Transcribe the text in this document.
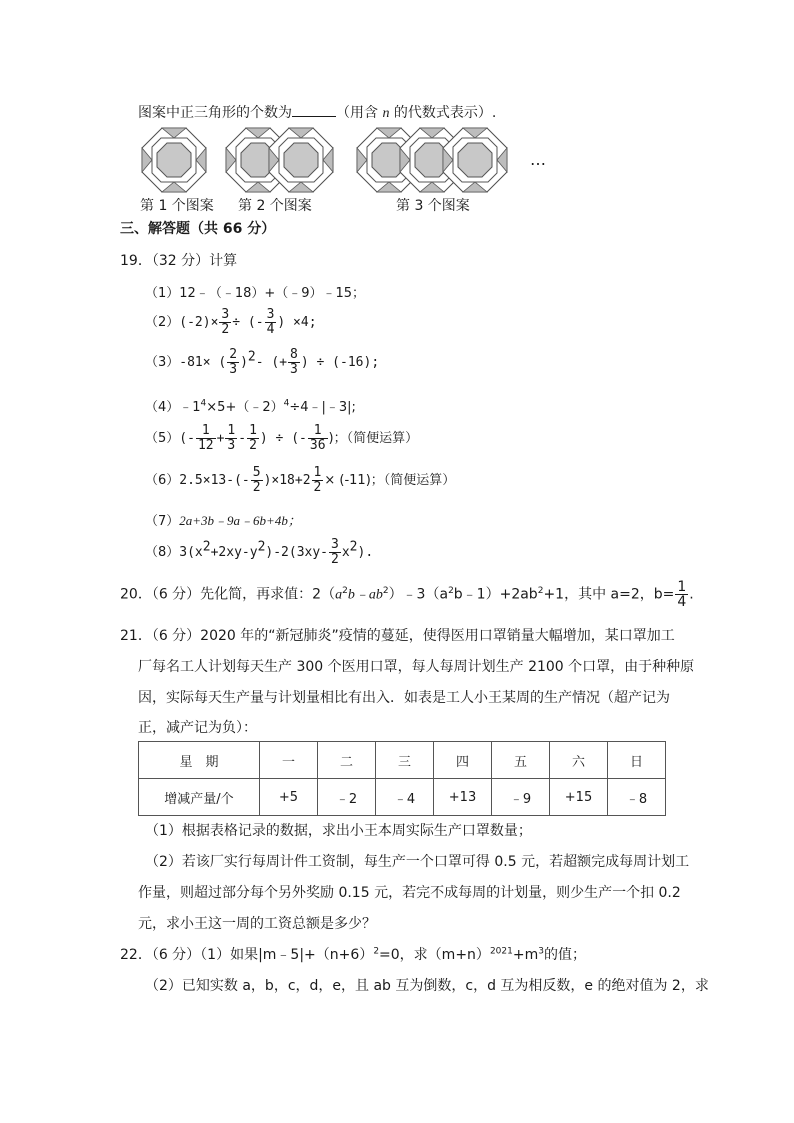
图案中正三角形的个数为	（用含 n 的代数式表示）.
…
第 1 个图案 第 2 个图案	第 3 个图案
三、解答题（共 66 分）
19．（32 分）计算
（1）12﹣（﹣18）+（﹣9）﹣15；
$(2)(-2)\times \frac{3}{2}$ ÷ (- $\frac{3}{4}$ ) ×4;
（3）-81× ( $\frac{2}{3} )^2-$ (+ $\frac{8}{3}$ ) ÷ (-16);
$(4)﹣1^4\times 5+(﹣2)^4\div 4﹣|﹣3|$;
$(5)(- \frac{1}{12} + \frac{1}{3} - \frac{1}{2}$ ) ÷ (- $\frac{1}{36}$ )；（简便运算）
$(6)2.5\times 13-(- \frac{5}{2} )\times 18+2 \frac{1}{2} \times (-11)$；（简便运算）
（7）2a+3b﹣9a﹣6b+4b；
$(8)3(x^2+2xy-y^2)-2(3xy- \frac{3}{2} x^2)$.
20．（6 分）先化简，再求值：$2(a^2b﹣ab^2)﹣3(a^2b﹣1)+2ab^2+1$，其中 a=2，$b= \frac{1}{4}$ .
21．（6 分）2020 年的“新冠肺炎”疫情的蔓延，使得医用口罩销量大幅增加，某口罩加工
厂每名工人计划每天生产 300 个医用口罩，每人每周计划生产 2100 个口罩，由于种种原
因，实际每天生产量与计划量相比有出入．如表是工人小王某周的生产情况（超产记为
正，减产记为负）：
星　期	一	二	三	四	五	六	日
增减产量/个	+5	﹣2	﹣4	+13	﹣9	+15	﹣8
（1）根据表格记录的数据，求出小王本周实际生产口罩数量；
（2）若该厂实行每周计件工资制，每生产一个口罩可得 0.5 元，若超额完成每周计划工
作量，则超过部分每个另外奖励 0.15 元，若完不成每周的计划量，则少生产一个扣 0.2
元，求小王这一周的工资总额是多少？
22．（6 分）（1）如果$|m﹣5|+(n+6)^2=0$，求$(m+n)^{2021}+m^3$的值；
（2）已知实数 a，b，c，d，e，且 ab 互为倒数，c，d 互为相反数，e 的绝对值为 2，求
